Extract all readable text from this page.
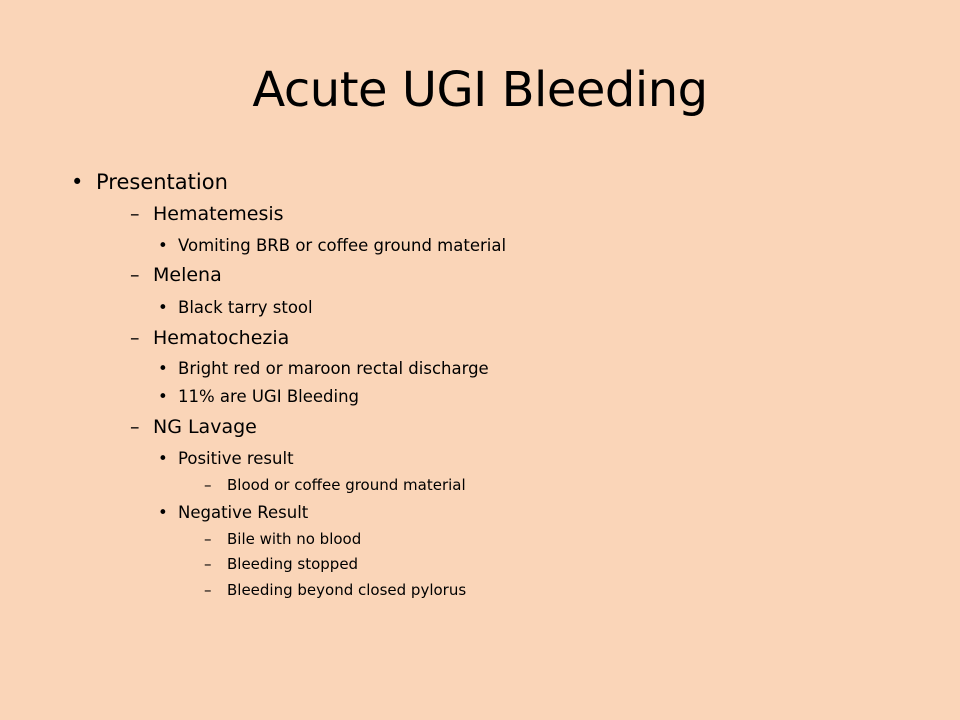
Acute UGI Bleeding
• Presentation
– Hematemesis
• Vomiting BRB or coffee ground material
– Melena
• Black tarry stool
– Hematochezia
• Bright red or maroon rectal discharge
• 11% are UGI Bleeding
– NG Lavage
• Positive result
– Blood or coffee ground material
• Negative Result
– Bile with no blood
– Bleeding stopped
– Bleeding beyond closed pylorus
